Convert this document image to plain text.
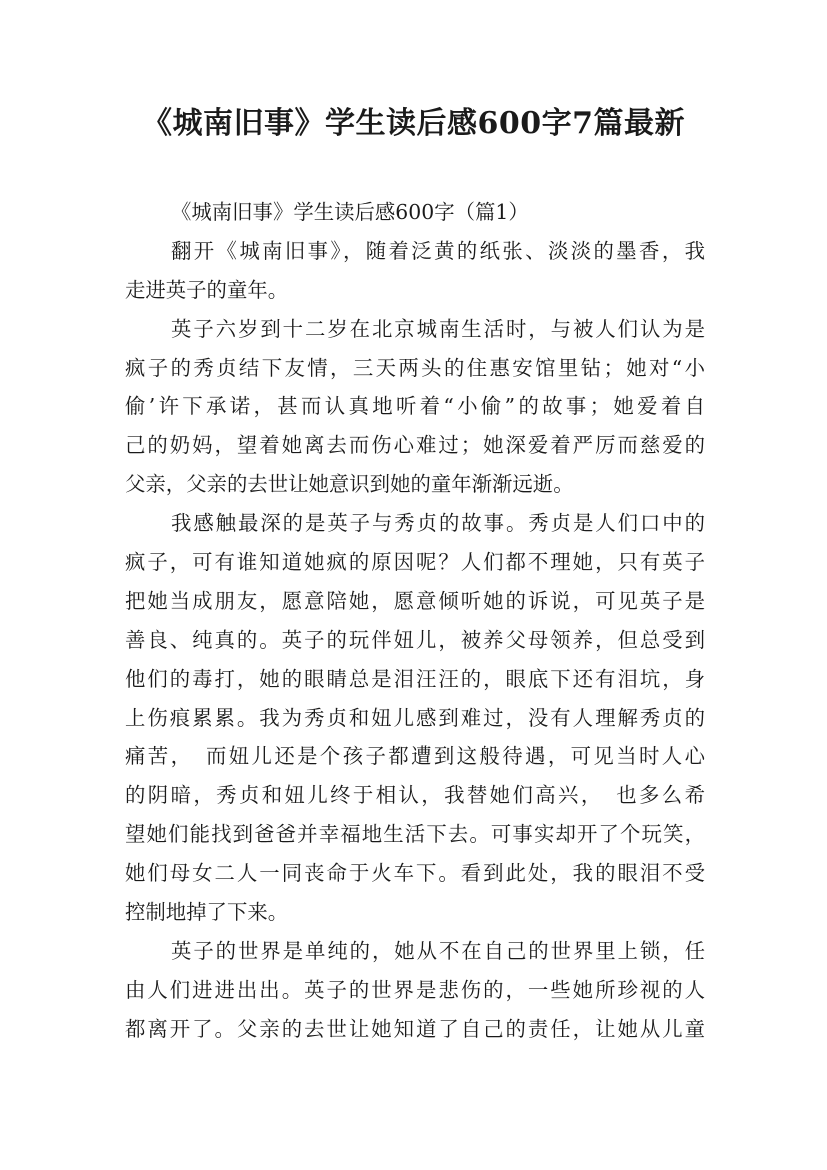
《城南旧事》学生读后感600字7篇最新
《城南旧事》学生读后感600字（篇1）
翻开《城南旧事》，随着泛黄的纸张、淡淡的墨香，我
走进英子的童年。
英子六岁到十二岁在北京城南生活时，与被人们认为是
疯子的秀贞结下友情，三天两头的住惠安馆里钻；她对“小
偷’许下承诺，甚而认真地听着“小偷”的故事；她爱着自
己的奶妈，望着她离去而伤心难过；她深爱着严厉而慈爱的
父亲，父亲的去世让她意识到她的童年渐渐远逝。
我感触最深的是英子与秀贞的故事。秀贞是人们口中的
疯子，可有谁知道她疯的原因呢？人们都不理她，只有英子
把她当成朋友，愿意陪她，愿意倾听她的诉说，可见英子是
善良、纯真的。英子的玩伴妞儿，被养父母领养，但总受到
他们的毒打，她的眼睛总是泪汪汪的，眼底下还有泪坑，身
上伤痕累累。我为秀贞和妞儿感到难过，没有人理解秀贞的
痛苦，　而妞儿还是个孩子都遭到这般待遇，可见当时人心
的阴暗，秀贞和妞儿终于相认，我替她们高兴，　也多么希
望她们能找到爸爸并幸福地生活下去。可事实却开了个玩笑，
她们母女二人一同丧命于火车下。看到此处，我的眼泪不受
控制地掉了下来。
英子的世界是单纯的，她从不在自己的世界里上锁，任
由人们进进出出。英子的世界是悲伤的，一些她所珍视的人
都离开了。父亲的去世让她知道了自己的责任，让她从儿童
